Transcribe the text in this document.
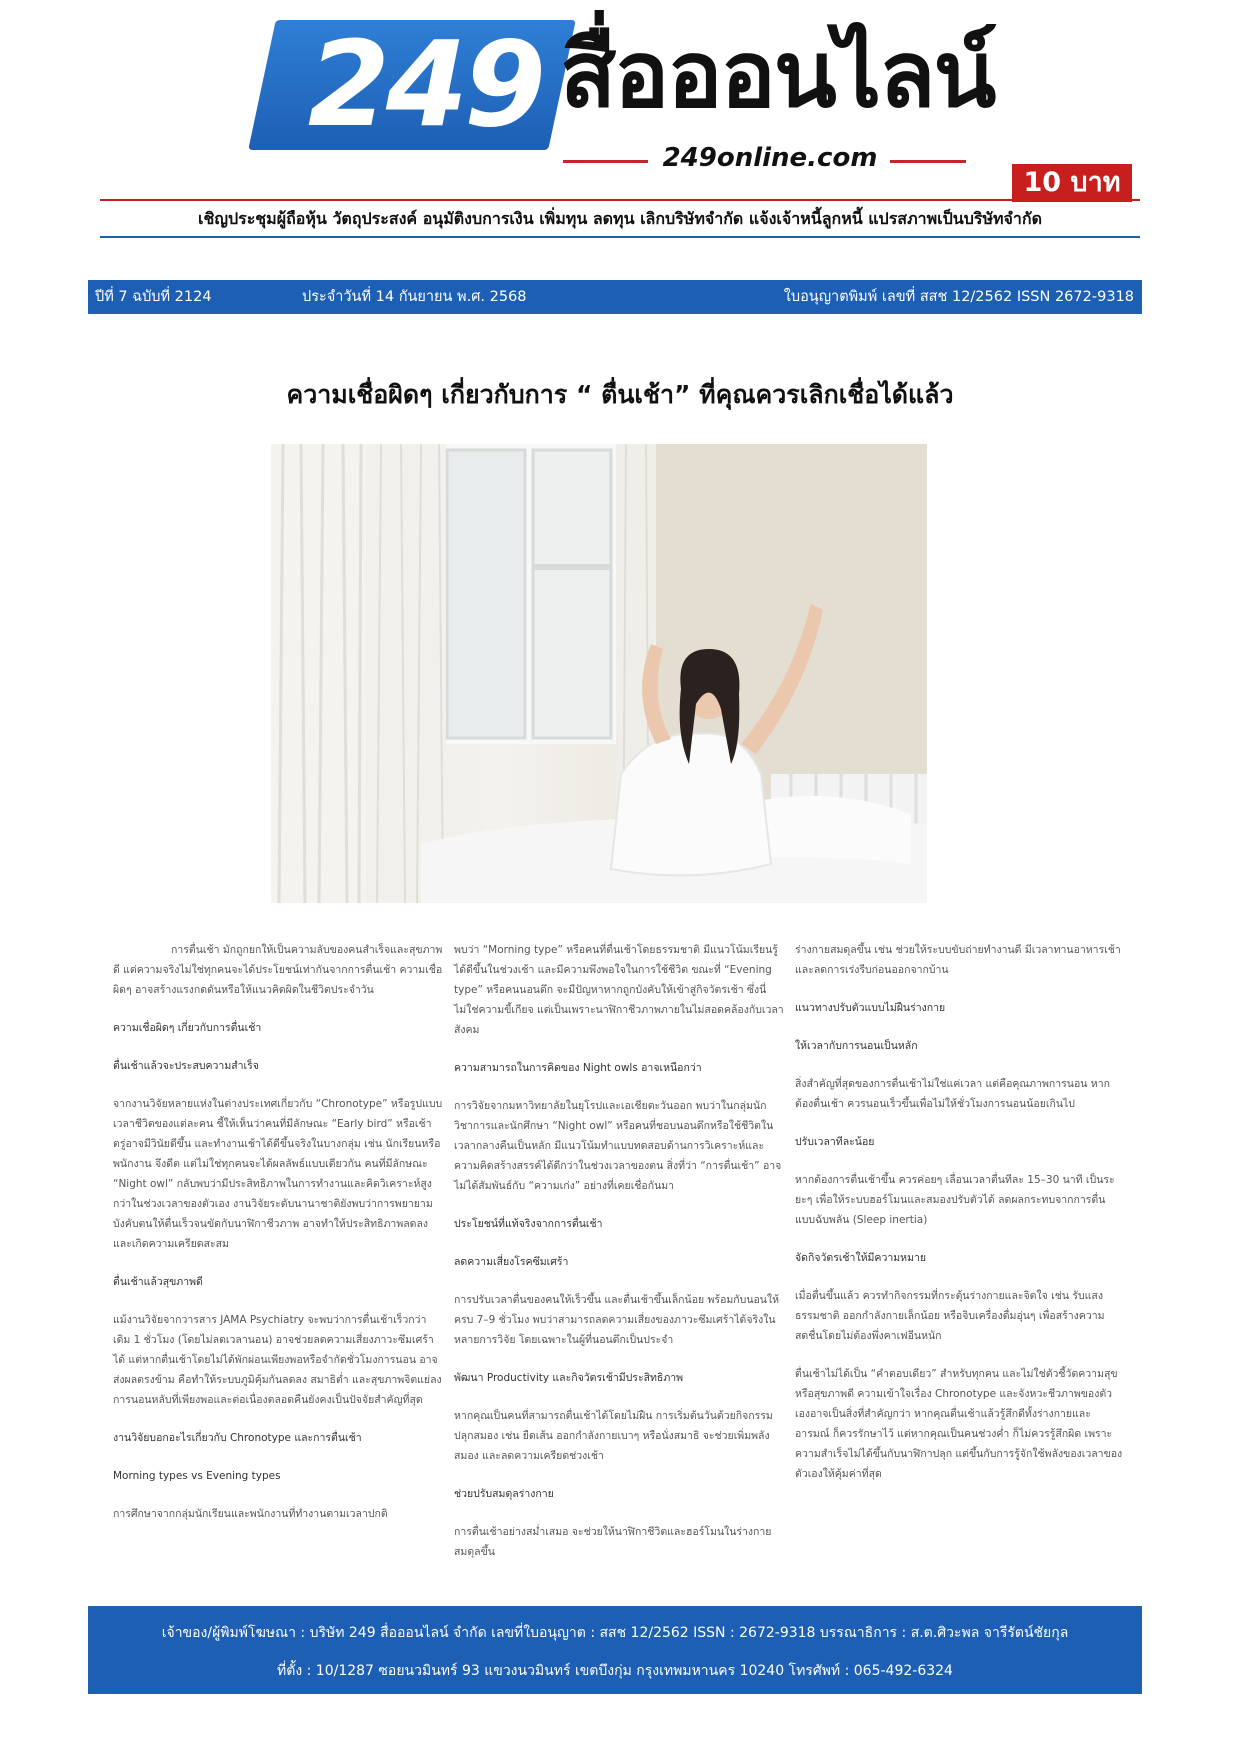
249 สื่อออนไลน์
249online.com
10 บาท
เชิญประชุมผู้ถือหุ้น วัตถุประสงค์ อนุมัติงบการเงิน เพิ่มทุน ลดทุน เลิกบริษัทจำกัด แจ้งเจ้าหนี้ลูกหนี้ แปรสภาพเป็นบริษัทจำกัด
ปีที่ 7 ฉบับที่ 2124	ประจำวันที่ 14 กันยายน พ.ศ. 2568	ใบอนุญาตพิมพ์ เลขที่ สสช 12/2562 ISSN 2672-9318
ความเชื่อผิดๆ เกี่ยวกับการ “ ตื่นเช้า” ที่คุณควรเลิกเชื่อได้แล้ว

การตื่นเช้า มักถูกยกให้เป็นความลับของคนสำเร็จและสุขภาพดี แต่ความจริงไม่ใช่ทุกคนจะได้ประโยชน์เท่ากันจากการตื่นเช้า ความเชื่อผิดๆ อาจสร้างแรงกดดันหรือให้แนวคิดผิดในชีวิตประจำวัน

ความเชื่อผิดๆ เกี่ยวกับการตื่นเช้า

ตื่นเช้าแล้วจะประสบความสำเร็จ

จากงานวิจัยหลายแห่งในต่างประเทศเกี่ยวกับ “Chronotype” หรือรูปแบบเวลาชีวิตของแต่ละคน ชี้ให้เห็นว่าคนที่มีลักษณะ “Early bird” หรือเช้าตรู่อาจมีวินัยดีขึ้น และทำงานเช้าได้ดีขึ้นจริงในบางกลุ่ม เช่น นักเรียนหรือพนักงาน จึงดีต แต่ไม่ใช่ทุกคนจะได้ผลลัพธ์แบบเดียวกัน คนที่มีลักษณะ “Night owl” กลับพบว่ามีประสิทธิภาพในการทำงานและคิดวิเคราะห์สูงกว่าในช่วงเวลาของตัวเอง งานวิจัยระดับนานาชาติยังพบว่าการพยายามบังคับตนให้ตื่นเร็วจนขัดกับนาฬิกาชีวภาพ อาจทำให้ประสิทธิภาพลดลงและเกิดความเครียดสะสม

ตื่นเช้าแล้วสุขภาพดี

แม้งานวิจัยจากวารสาร JAMA Psychiatry จะพบว่าการตื่นเช้าเร็วกว่าเดิม 1 ชั่วโมง (โดยไม่ลดเวลานอน) อาจช่วยลดความเสี่ยงภาวะซึมเศร้าได้ แต่หากตื่นเช้าโดยไม่ได้พักผ่อนเพียงพอหรือจำกัดชั่วโมงการนอน อาจส่งผลตรงข้าม คือทำให้ระบบภูมิคุ้มกันลดลง สมาธิต่ำ และสุขภาพจิตแย่ลง การนอนหลับที่เพียงพอและต่อเนื่องตลอดคืนยังคงเป็นปัจจัยสำคัญที่สุด

งานวิจัยบอกอะไรเกี่ยวกับ Chronotype และการตื่นเช้า

Morning types vs Evening types

การศึกษาจากกลุ่มนักเรียนและพนักงานที่ทำงานตามเวลาปกติ

พบว่า “Morning type” หรือคนที่ตื่นเช้าโดยธรรมชาติ มีแนวโน้มเรียนรู้ได้ดีขึ้นในช่วงเช้า และมีความพึงพอใจในการใช้ชีวิต ขณะที่ “Evening type” หรือคนนอนดึก จะมีปัญหาหากถูกบังคับให้เข้าสู่กิจวัตรเช้า ซึ่งนี่ไม่ใช่ความขี้เกียจ แต่เป็นเพราะนาฬิกาชีวภาพภายในไม่สอดคล้องกับเวลาสังคม

ความสามารถในการคิดของ Night owls อาจเหนือกว่า

การวิจัยจากมหาวิทยาลัยในยุโรปและเอเชียตะวันออก พบว่าในกลุ่มนักวิชาการและนักศึกษา “Night owl” หรือคนที่ชอบนอนดึกหรือใช้ชีวิตในเวลากลางคืนเป็นหลัก มีแนวโน้มทำแบบทดสอบด้านการวิเคราะห์และความคิดสร้างสรรค์ได้ดีกว่าในช่วงเวลาของตน สิ่งที่ว่า “การตื่นเช้า” อาจไม่ได้สัมพันธ์กับ “ความเก่ง” อย่างที่เคยเชื่อกันมา

ประโยชน์ที่แท้จริงจากการตื่นเช้า

ลดความเสี่ยงโรคซึมเศร้า

การปรับเวลาตื่นของคนให้เร็วขึ้น และตื่นเช้าขึ้นเล็กน้อย พร้อมกับนอนให้ครบ 7–9 ชั่วโมง พบว่าสามารถลดความเสี่ยงของภาวะซึมเศร้าได้จริงในหลายการวิจัย โดยเฉพาะในผู้ที่นอนดึกเป็นประจำ

พัฒนา Productivity และกิจวัตรเช้ามีประสิทธิภาพ

หากคุณเป็นคนที่สามารถตื่นเช้าได้โดยไม่ฝืน การเริ่มต้นวันด้วยกิจกรรมปลุกสมอง เช่น ยืดเส้น ออกกำลังกายเบาๆ หรือนั่งสมาธิ จะช่วยเพิ่มพลังสมอง และลดความเครียดช่วงเช้า

ช่วยปรับสมดุลร่างกาย

การตื่นเช้าอย่างสม่ำเสมอ จะช่วยให้นาฬิกาชีวิตและฮอร์โมนในร่างกายสมดุลขึ้น

ร่างกายสมดุลขึ้น เช่น ช่วยให้ระบบขับถ่ายทำงานดี มีเวลาทานอาหารเช้า และลดการเร่งรีบก่อนออกจากบ้าน

แนวทางปรับตัวแบบไม่ฝืนร่างกาย

ให้เวลากับการนอนเป็นหลัก

สิ่งสำคัญที่สุดของการตื่นเช้าไม่ใช่แค่เวลา แต่คือคุณภาพการนอน หากต้องตื่นเช้า ควรนอนเร็วขึ้นเพื่อไม่ให้ชั่วโมงการนอนน้อยเกินไป

ปรับเวลาทีละน้อย

หากต้องการตื่นเช้าขึ้น ควรค่อยๆ เลื่อนเวลาตื่นทีละ 15–30 นาที เป็นระยะๆ เพื่อให้ระบบฮอร์โมนและสมองปรับตัวได้ ลดผลกระทบจากการตื่นแบบฉับพลัน (Sleep inertia)

จัดกิจวัตรเช้าให้มีความหมาย

เมื่อตื่นขึ้นแล้ว ควรทำกิจกรรมที่กระตุ้นร่างกายและจิตใจ เช่น รับแสงธรรมชาติ ออกกำลังกายเล็กน้อย หรือจิบเครื่องดื่มอุ่นๆ เพื่อสร้างความสดชื่นโดยไม่ต้องพึ่งคาเฟอีนหนัก

ตื่นเช้าไม่ได้เป็น “คำตอบเดียว” สำหรับทุกคน และไม่ใช่ตัวชี้วัดความสุขหรือสุขภาพดี ความเข้าใจเรื่อง Chronotype และจังหวะชีวภาพของตัวเองอาจเป็นสิ่งที่สำคัญกว่า หากคุณตื่นเช้าแล้วรู้สึกดีทั้งร่างกายและอารมณ์ ก็ควรรักษาไว้ แต่หากคุณเป็นคนช่วงค่ำ ก็ไม่ควรรู้สึกผิด เพราะความสำเร็จไม่ได้ขึ้นกับนาฬิกาปลุก แต่ขึ้นกับการรู้จักใช้พลังของเวลาของตัวเองให้คุ้มค่าที่สุด

เจ้าของ/ผู้พิมพ์โฆษณา : บริษัท 249 สื่อออนไลน์ จำกัด เลขที่ใบอนุญาต : สสช 12/2562 ISSN : 2672-9318 บรรณาธิการ : ส.ต.ศิวะพล จารีรัตน์ชัยกุล
ที่ตั้ง : 10/1287 ซอยนวมินทร์ 93 แขวงนวมินทร์ เขตบึงกุ่ม กรุงเทพมหานคร 10240 โทรศัพท์ : 065-492-6324
